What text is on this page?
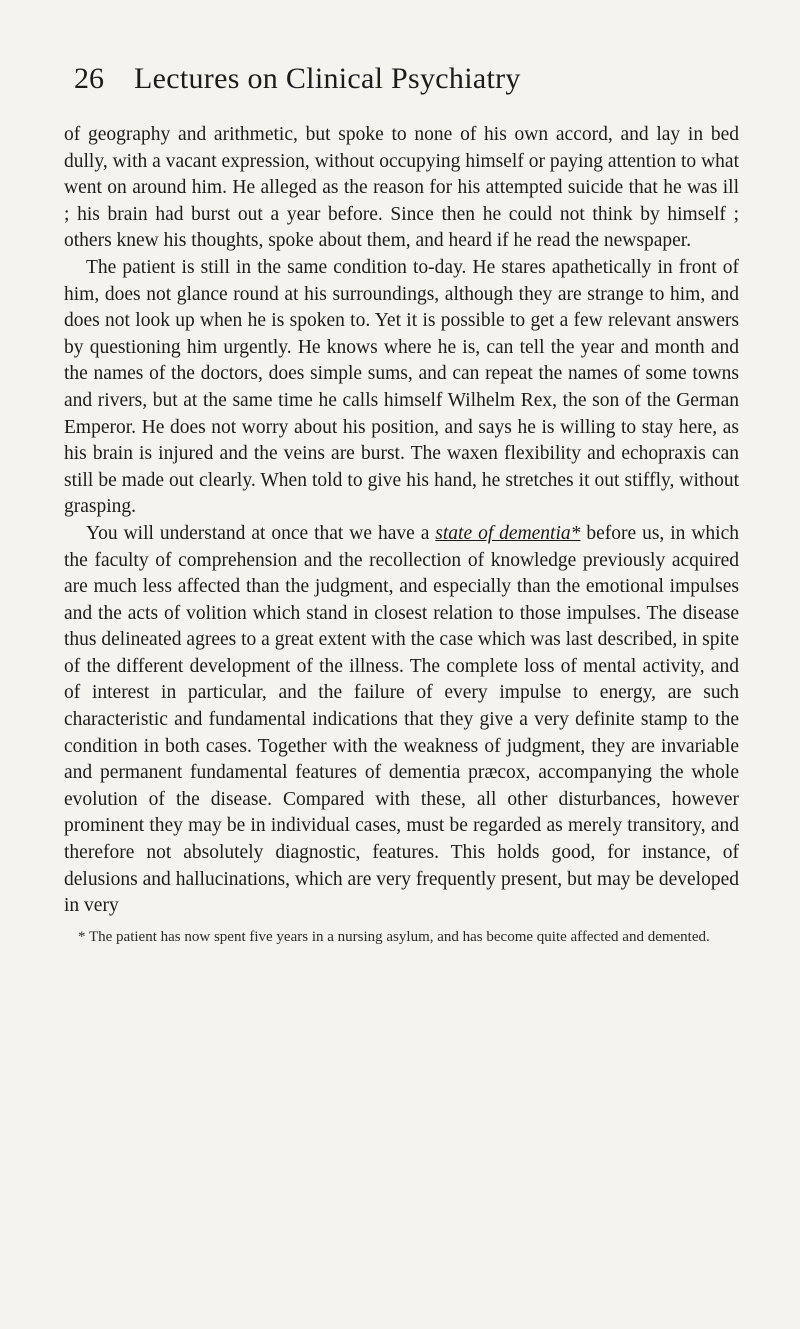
26 Lectures on Clinical Psychiatry

of geography and arithmetic, but spoke to none of his own accord, and lay in bed dully, with a vacant expression, without occupying himself or paying attention to what went on around him. He alleged as the reason for his attempted suicide that he was ill ; his brain had burst out a year before. Since then he could not think by himself ; others knew his thoughts, spoke about them, and heard if he read the newspaper.

The patient is still in the same condition to-day. He stares apathetically in front of him, does not glance round at his surroundings, although they are strange to him, and does not look up when he is spoken to. Yet it is possible to get a few relevant answers by questioning him urgently. He knows where he is, can tell the year and month and the names of the doctors, does simple sums, and can repeat the names of some towns and rivers, but at the same time he calls himself Wilhelm Rex, the son of the German Emperor. He does not worry about his position, and says he is willing to stay here, as his brain is injured and the veins are burst. The waxen flexibility and echopraxis can still be made out clearly. When told to give his hand, he stretches it out stiffly, without grasping.

You will understand at once that we have a state of dementia* before us, in which the faculty of comprehension and the recollection of knowledge previously acquired are much less affected than the judgment, and especially than the emotional impulses and the acts of volition which stand in closest relation to those impulses. The disease thus delineated agrees to a great extent with the case which was last described, in spite of the different development of the illness. The complete loss of mental activity, and of interest in particular, and the failure of every impulse to energy, are such characteristic and fundamental indications that they give a very definite stamp to the condition in both cases. Together with the weakness of judgment, they are invariable and permanent fundamental features of dementia præcox, accompanying the whole evolution of the disease. Compared with these, all other disturbances, however prominent they may be in individual cases, must be regarded as merely transitory, and therefore not absolutely diagnostic, features. This holds good, for instance, of delusions and hallucinations, which are very frequently present, but may be developed in very

* The patient has now spent five years in a nursing asylum, and has become quite affected and demented.
